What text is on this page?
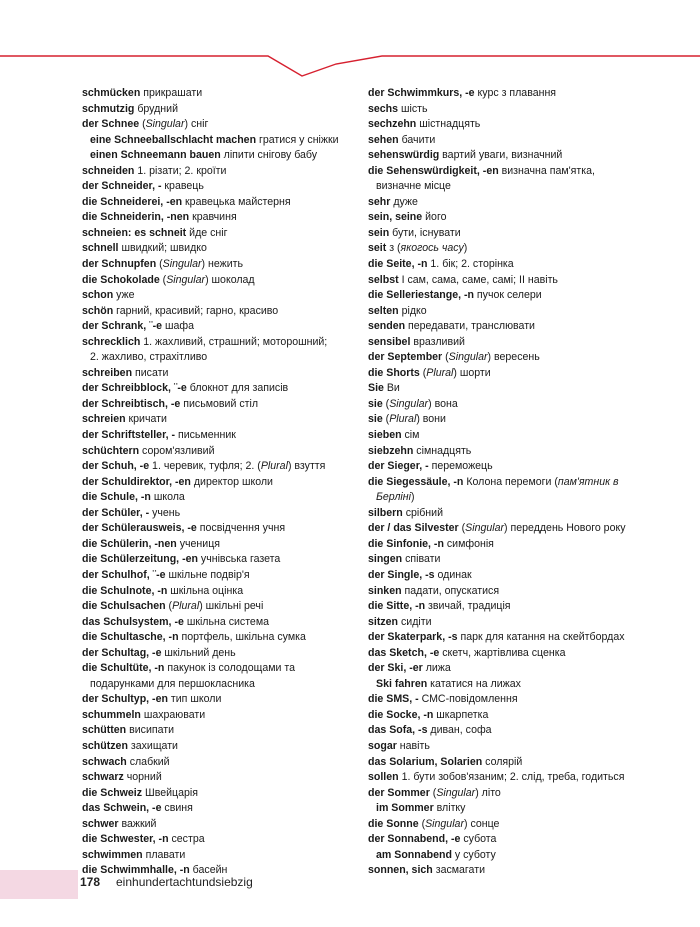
schmücken прикрашати
schmutzig брудний
der Schnee (Singular) сніг
eine Schneeballschlacht machen гратися у сніжки
einen Schneemann bauen ліпити снігову бабу
schneiden 1. різати; 2. кроїти
der Schneider, - кравець
die Schneiderei, -en кравецька майстерня
die Schneiderin, -nen кравчиня
schneien: es schneit йде сніг
schnell швидкий; швидко
der Schnupfen (Singular) нежить
die Schokolade (Singular) шоколад
schon уже
schön гарний, красивий; гарно, красиво
der Schrank, ¨-e шафа
schrecklich 1. жахливий, страшний; моторошний;
2. жахливо, страхітливо
schreiben писати
der Schreibblock, ¨-e блокнот для записів
der Schreibtisch, -e письмовий стіл
schreien кричати
der Schriftsteller, - письменник
schüchtern сором'язливий
der Schuh, -e 1. черевик, туфля; 2. (Plural) взуття
der Schuldirektor, -en директор школи
die Schule, -n школа
der Schüler, - учень
der Schülerausweis, -e посвідчення учня
die Schülerin, -nen учениця
die Schülerzeitung, -en учнівська газета
der Schulhof, ¨-e шкільне подвір'я
die Schulnote, -n шкільна оцінка
die Schulsachen (Plural) шкільні речі
das Schulsystem, -e шкільна система
die Schultasche, -n портфель, шкільна сумка
der Schultag, -e шкільний день
die Schultüte, -n пакунок із солодощами та
подарунками для першокласника
der Schultyp, -en тип школи
schummeln шахраювати
schütten висипати
schützen захищати
schwach слабкий
schwarz чорний
die Schweiz Швейцарія
das Schwein, -e свиня
schwer важкий
die Schwester, -n сестра
schwimmen плавати
die Schwimmhalle, -n басейн
der Schwimmkurs, -e курс з плавання
sechs шість
sechzehn шістнадцять
sehen бачити
sehenswürdig вартий уваги, визначний
die Sehenswürdigkeit, -en визначна пам'ятка,
визначне місце
sehr дуже
sein, seine його
sein бути, існувати
seit з (якогось часу)
die Seite, -n 1. бік; 2. сторінка
selbst I сам, сама, саме, самі; II навіть
die Selleriestange, -n пучок селери
selten рідко
senden передавати, транслювати
sensibel вразливий
der September (Singular) вересень
die Shorts (Plural) шорти
Sie Ви
sie (Singular) вона
sie (Plural) вони
sieben сім
siebzehn сімнадцять
der Sieger, - переможець
die Siegessäule, -n Колона перемоги (пам'ятник в
Берліні)
silbern срібний
der / das Silvester (Singular) переддень Нового року
die Sinfonie, -n симфонія
singen співати
der Single, -s одинак
sinken падати, опускатися
die Sitte, -n звичай, традиція
sitzen сидіти
der Skaterpark, -s парк для катання на скейтбордах
das Sketch, -e скетч, жартівлива сценка
der Ski, -er лижа
Ski fahren кататися на лижах
die SMS, - СМС-повідомлення
die Socke, -n шкарпетка
das Sofa, -s диван, софа
sogar навіть
das Solarium, Solarien солярій
sollen 1. бути зобов'язаним; 2. слід, треба, годиться
der Sommer (Singular) літо
im Sommer влітку
die Sonne (Singular) сонце
der Sonnabend, -e субота
am Sonnabend у суботу
sonnen, sich засмагати
178 einhundertachtundsiebzig
